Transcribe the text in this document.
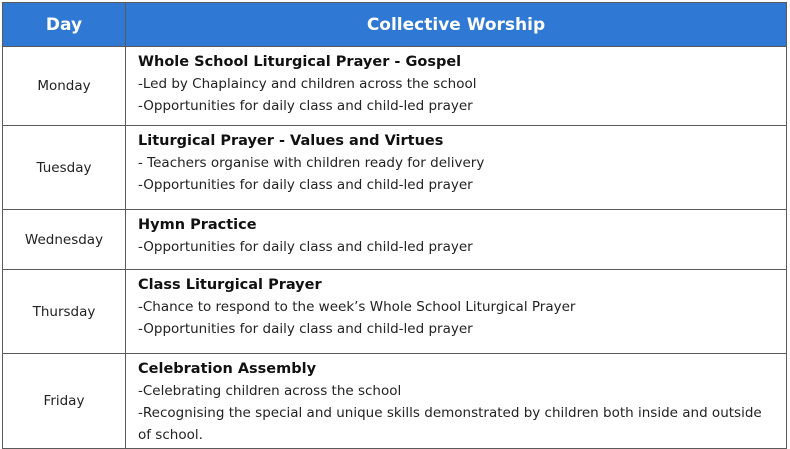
Day	Collective Worship
Monday	Whole School Liturgical Prayer - Gospel
-Led by Chaplaincy and children across the school
-Opportunities for daily class and child-led prayer

Tuesday	Liturgical Prayer - Values and Virtues
- Teachers organise with children ready for delivery
-Opportunities for daily class and child-led prayer

Wednesday	Hymn Practice
-Opportunities for daily class and child-led prayer

Thursday	Class Liturgical Prayer
-Chance to respond to the week’s Whole School Liturgical Prayer
-Opportunities for daily class and child-led prayer

Friday	Celebration Assembly
-Celebrating children across the school
-Recognising the special and unique skills demonstrated by children both inside and outside of school.
